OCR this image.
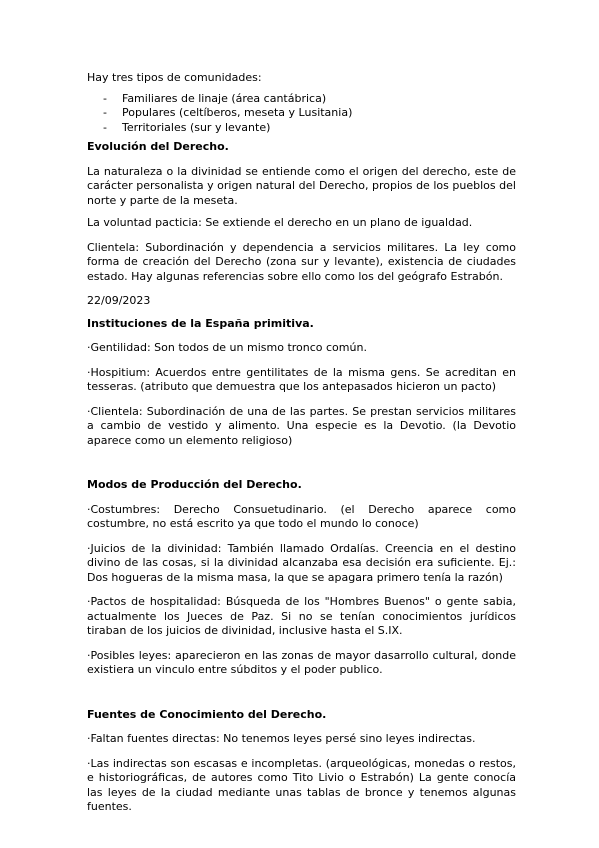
Hay tres tipos de comunidades:

- Familiares de linaje (área cantábrica)
- Populares (celtíberos, meseta y Lusitania)
- Territoriales (sur y levante)

Evolución del Derecho.

La naturaleza o la divinidad se entiende como el origen del derecho, este de carácter personalista y origen natural del Derecho, propios de los pueblos del norte y parte de la meseta.

La voluntad pacticia: Se extiende el derecho en un plano de igualdad.

Clientela: Subordinación y dependencia a servicios militares. La ley como forma de creación del Derecho (zona sur y levante), existencia de ciudades estado. Hay algunas referencias sobre ello como los del geógrafo Estrabón.

22/09/2023

Instituciones de la España primitiva.

·Gentilidad: Son todos de un mismo tronco común.

·Hospitium: Acuerdos entre gentilitates de la misma gens. Se acreditan en tesseras. (atributo que demuestra que los antepasados hicieron un pacto)

·Clientela: Subordinación de una de las partes. Se prestan servicios militares a cambio de vestido y alimento. Una especie es la Devotio. (la Devotio aparece como un elemento religioso)

Modos de Producción del Derecho.

·Costumbres: Derecho Consuetudinario. (el Derecho aparece como costumbre, no está escrito ya que todo el mundo lo conoce)

·Juicios de la divinidad: También llamado Ordalías. Creencia en el destino divino de las cosas, si la divinidad alcanzaba esa decisión era suficiente. Ej.: Dos hogueras de la misma masa, la que se apagara primero tenía la razón)

·Pactos de hospitalidad: Búsqueda de los "Hombres Buenos" o gente sabia, actualmente los Jueces de Paz. Si no se tenían conocimientos jurídicos tiraban de los juicios de divinidad, inclusive hasta el S.IX.

·Posibles leyes: aparecieron en las zonas de mayor dasarrollo cultural, donde existiera un vinculo entre súbditos y el poder publico.

Fuentes de Conocimiento del Derecho.

·Faltan fuentes directas: No tenemos leyes persé sino leyes indirectas.

·Las indirectas son escasas e incompletas. (arqueológicas, monedas o restos, e historiográficas, de autores como Tito Livio o Estrabón) La gente conocía las leyes de la ciudad mediante unas tablas de bronce y tenemos algunas fuentes.
